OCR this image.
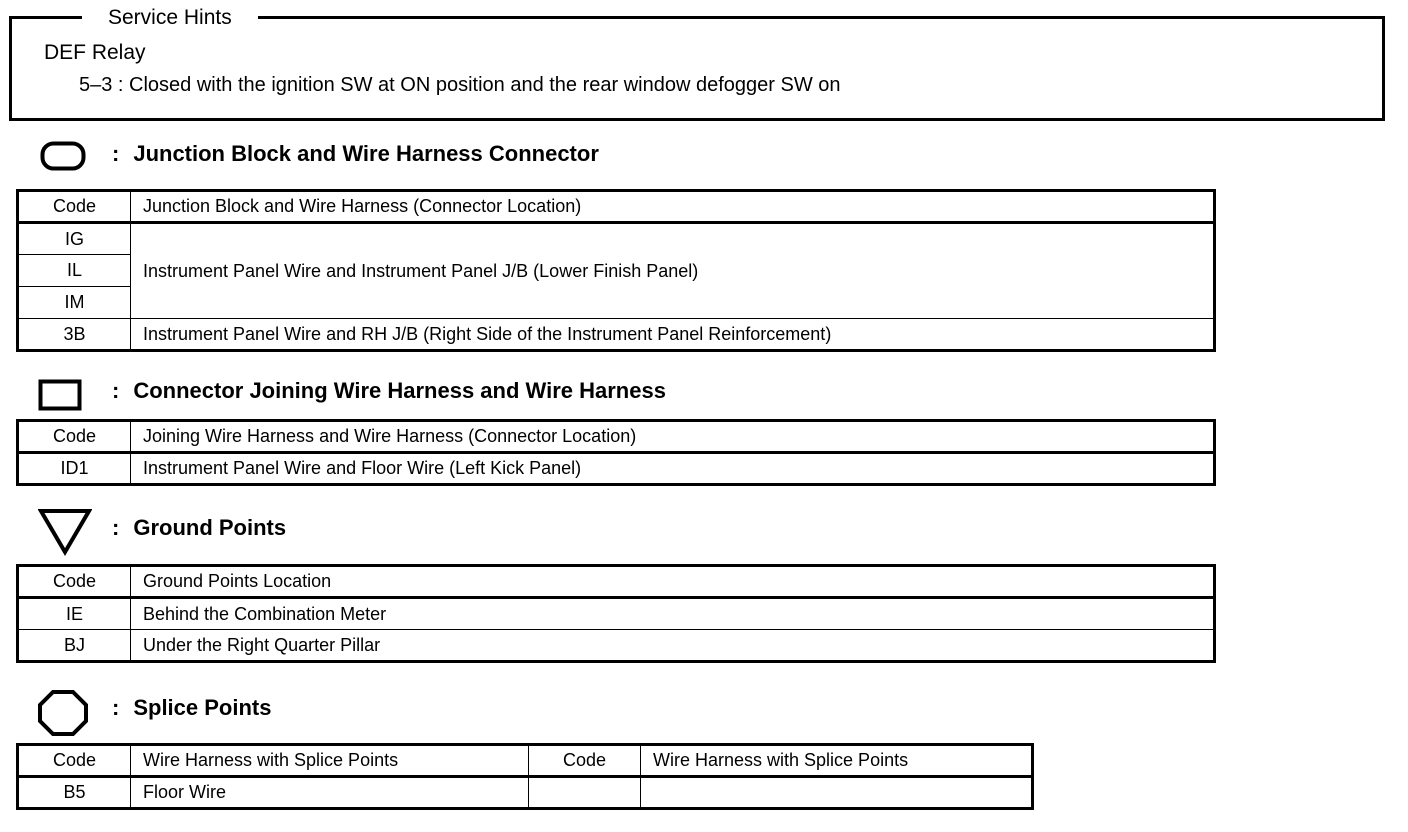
Service Hints
DEF Relay
5–3 : Closed with the ignition SW at ON position and the rear window defogger SW on
: Junction Block and Wire Harness Connector
Code	Junction Block and Wire Harness (Connector Location)
IG	Instrument Panel Wire and Instrument Panel J/B (Lower Finish Panel)
IL	
IM	
3B	Instrument Panel Wire and RH J/B (Right Side of the Instrument Panel Reinforcement)
: Connector Joining Wire Harness and Wire Harness
Code	Joining Wire Harness and Wire Harness (Connector Location)
ID1	Instrument Panel Wire and Floor Wire (Left Kick Panel)
: Ground Points
Code	Ground Points Location
IE	Behind the Combination Meter
BJ	Under the Right Quarter Pillar
: Splice Points
Code	Wire Harness with Splice Points	Code	Wire Harness with Splice Points
B5	Floor Wire		
